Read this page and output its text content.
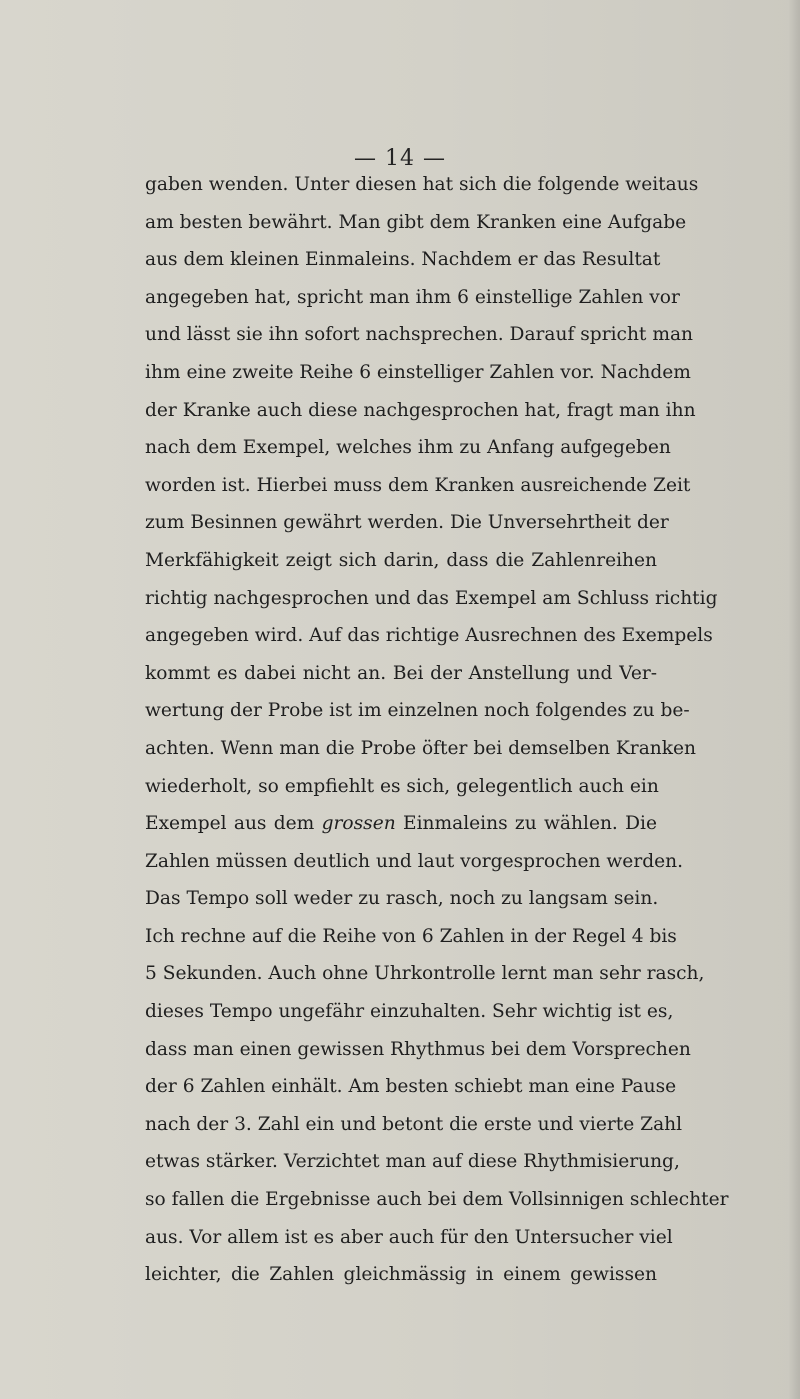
— 14 —
gaben wenden. Unter diesen hat sich die folgende weitaus
am besten bewährt. Man gibt dem Kranken eine Aufgabe
aus dem kleinen Einmaleins. Nachdem er das Resultat
angegeben hat, spricht man ihm 6 einstellige Zahlen vor
und lässt sie ihn sofort nachsprechen. Darauf spricht man
ihm eine zweite Reihe 6 einstelliger Zahlen vor. Nachdem
der Kranke auch diese nachgesprochen hat, fragt man ihn
nach dem Exempel, welches ihm zu Anfang aufgegeben
worden ist. Hierbei muss dem Kranken ausreichende Zeit
zum Besinnen gewährt werden. Die Unversehrtheit der
Merkfähigkeit zeigt sich darin, dass die Zahlenreihen
richtig nachgesprochen und das Exempel am Schluss richtig
angegeben wird. Auf das richtige Ausrechnen des Exempels
kommt es dabei nicht an. Bei der Anstellung und Ver-
wertung der Probe ist im einzelnen noch folgendes zu be-
achten. Wenn man die Probe öfter bei demselben Kranken
wiederholt, so empfiehlt es sich, gelegentlich auch ein
Exempel aus dem grossen Einmaleins zu wählen. Die
Zahlen müssen deutlich und laut vorgesprochen werden.
Das Tempo soll weder zu rasch, noch zu langsam sein.
Ich rechne auf die Reihe von 6 Zahlen in der Regel 4 bis
5 Sekunden. Auch ohne Uhrkontrolle lernt man sehr rasch,
dieses Tempo ungefähr einzuhalten. Sehr wichtig ist es,
dass man einen gewissen Rhythmus bei dem Vorsprechen
der 6 Zahlen einhält. Am besten schiebt man eine Pause
nach der 3. Zahl ein und betont die erste und vierte Zahl
etwas stärker. Verzichtet man auf diese Rhythmisierung,
so fallen die Ergebnisse auch bei dem Vollsinnigen schlechter
aus. Vor allem ist es aber auch für den Untersucher viel
leichter, die Zahlen gleichmässig in einem gewissen
